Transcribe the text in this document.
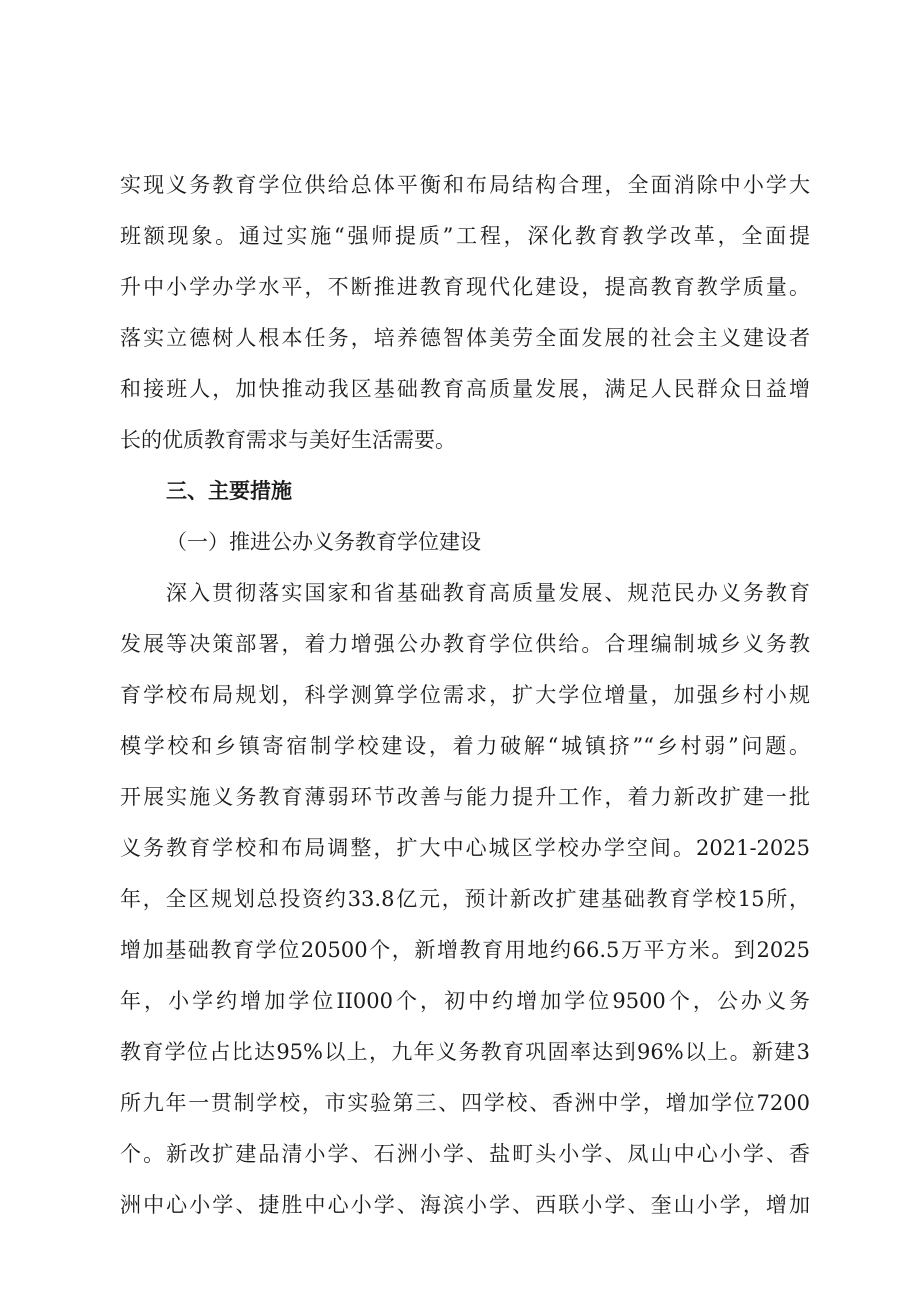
实现义务教育学位供给总体平衡和布局结构合理，全面消除中小学大
班额现象。通过实施“强师提质”工程，深化教育教学改革，全面提
升中小学办学水平，不断推进教育现代化建设，提高教育教学质量。
落实立德树人根本任务，培养德智体美劳全面发展的社会主义建设者
和接班人，加快推动我区基础教育高质量发展，满足人民群众日益增
长的优质教育需求与美好生活需要。
三、主要措施
（一）推进公办义务教育学位建设
深入贯彻落实国家和省基础教育高质量发展、规范民办义务教育
发展等决策部署，着力增强公办教育学位供给。合理编制城乡义务教
育学校布局规划，科学测算学位需求，扩大学位增量，加强乡村小规
模学校和乡镇寄宿制学校建设，着力破解“城镇挤”“乡村弱”问题。
开展实施义务教育薄弱环节改善与能力提升工作，着力新改扩建一批
义务教育学校和布局调整，扩大中心城区学校办学空间。2021-2025
年，全区规划总投资约33.8亿元，预计新改扩建基础教育学校15所，
增加基础教育学位20500个，新增教育用地约66.5万平方米。到2025
年，小学约增加学位II000个，初中约增加学位9500个，公办义务
教育学位占比达95%以上，九年义务教育巩固率达到96%以上。新建3
所九年一贯制学校，市实验第三、四学校、香洲中学，增加学位7200
个。新改扩建品清小学、石洲小学、盐町头小学、凤山中心小学、香
洲中心小学、捷胜中心小学、海滨小学、西联小学、奎山小学，增加
